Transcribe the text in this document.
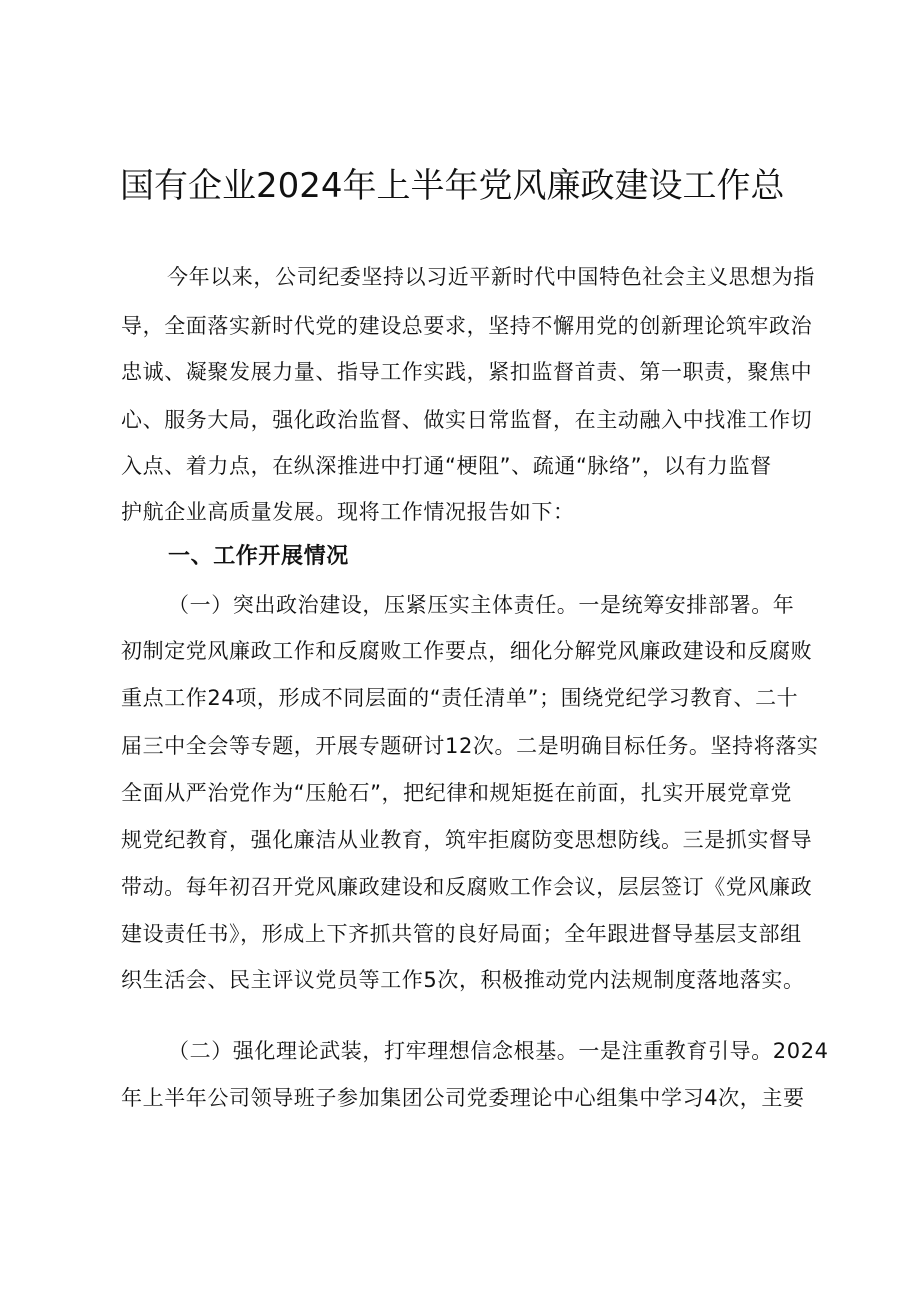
国有企业2024年上半年党风廉政建设工作总
今年以来，公司纪委坚持以习近平新时代中国特色社会主义思想为指
导，全面落实新时代党的建设总要求，坚持不懈用党的创新理论筑牢政治
忠诚、凝聚发展力量、指导工作实践，紧扣监督首责、第一职责，聚焦中
心、服务大局，强化政治监督、做实日常监督，在主动融入中找准工作切
入点、着力点，在纵深推进中打通“梗阻”、疏通“脉络”，以有力监督
护航企业高质量发展。现将工作情况报告如下：
一、工作开展情况
（一）突出政治建设，压紧压实主体责任。一是统筹安排部署。年
初制定党风廉政工作和反腐败工作要点，细化分解党风廉政建设和反腐败
重点工作24项，形成不同层面的“责任清单”；围绕党纪学习教育、二十
届三中全会等专题，开展专题研讨12次。二是明确目标任务。坚持将落实
全面从严治党作为“压舱石”，把纪律和规矩挺在前面，扎实开展党章党
规党纪教育，强化廉洁从业教育，筑牢拒腐防变思想防线。三是抓实督导
带动。每年初召开党风廉政建设和反腐败工作会议，层层签订《党风廉政
建设责任书》，形成上下齐抓共管的良好局面；全年跟进督导基层支部组
织生活会、民主评议党员等工作5次，积极推动党内法规制度落地落实。
（二）强化理论武装，打牢理想信念根基。一是注重教育引导。2024
年上半年公司领导班子参加集团公司党委理论中心组集中学习4次，主要
